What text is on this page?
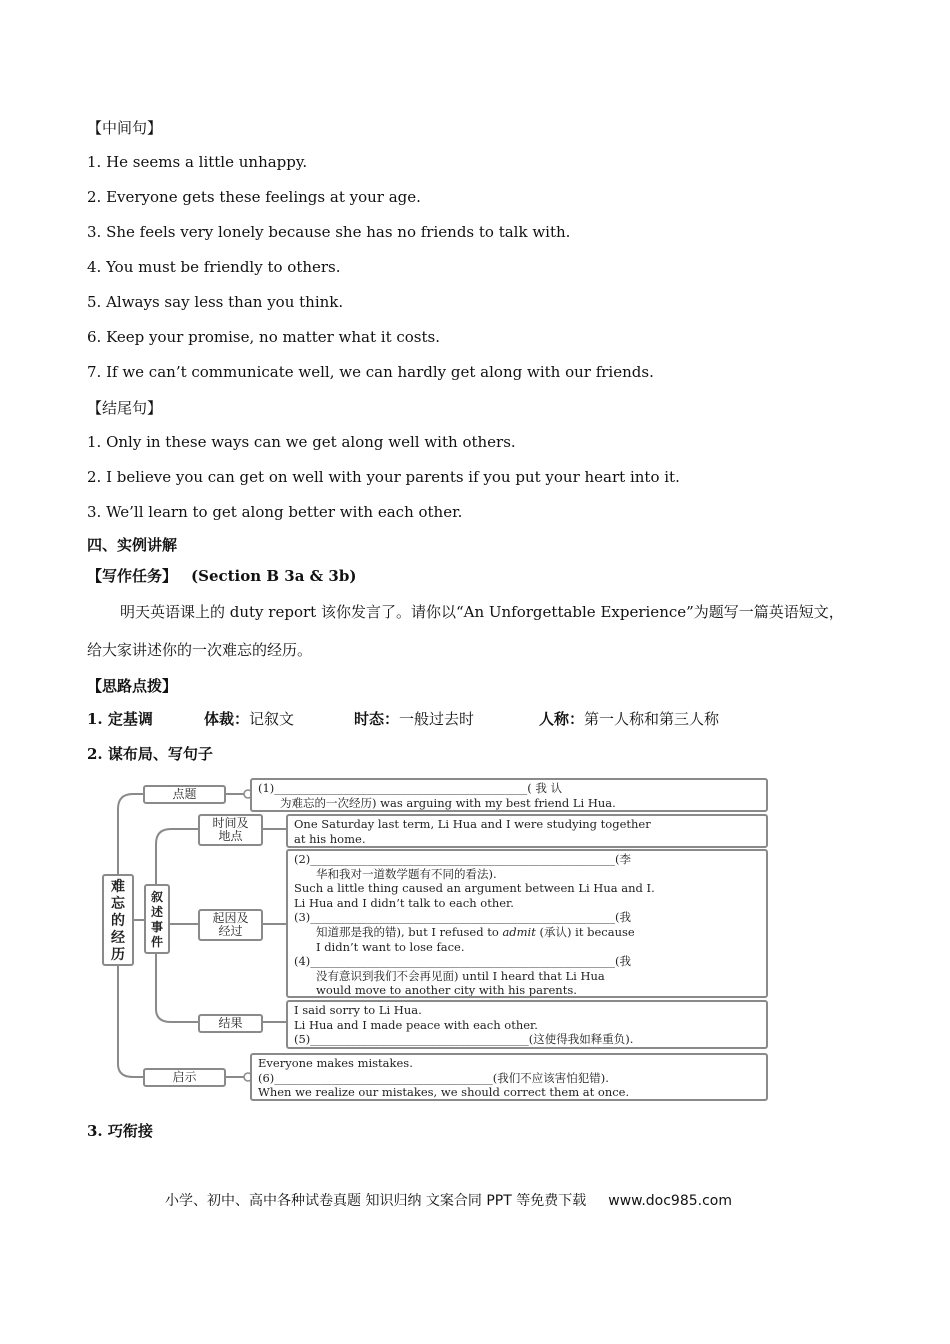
【中间句】
1. He seems a little unhappy.
2. Everyone gets these feelings at your age.
3. She feels very lonely because she has no friends to talk with.
4. You must be friendly to others.
5. Always say less than you think.
6. Keep your promise, no matter what it costs.
7. If we can’t communicate well, we can hardly get along with our friends.
【结尾句】
1. Only in these ways can we get along well with others.
2. I believe you can get on well with your parents if you put your heart into it.
3. We’ll learn to get along better with each other.
四、实例讲解
【写作任务】 (Section B 3a & 3b)
明天英语课上的 duty report 该你发言了。请你以“An Unforgettable Experience”为题写一篇英语短文，
给大家讲述你的一次难忘的经历。
【思路点拨】
1. 定基调	体裁：记叙文	时态：一般过去时	人称：第一人称和第三人称
2. 谋布局、写句子
难
忘
的
经
历
叙
述
事
件
点题
时间及
地点
起因及
经过
结果
启示
(1)____________________________________________( 我 认
为难忘的一次经历) was arguing with my best friend Li Hua.
One Saturday last term, Li Hua and I were studying together
at his home.
(2)_____________________________________________________(李
华和我对一道数学题有不同的看法).
Such a little thing caused an argument between Li Hua and I.
Li Hua and I didn’t talk to each other.
(3)_____________________________________________________(我
知道那是我的错), but I refused to admit (承认) it because
I didn’t want to lose face.
(4)_____________________________________________________(我
没有意识到我们不会再见面) until I heard that Li Hua
would move to another city with his parents.
I said sorry to Li Hua.
Li Hua and I made peace with each other.
(5)______________________________________(这使得我如释重负).
Everyone makes mistakes.
(6)______________________________________(我们不应该害怕犯错).
When we realize our mistakes, we should correct them at once.
3. 巧衔接
小学、初中、高中各种试卷真题 知识归纳 文案合同 PPT 等免费下载 www.doc985.com
